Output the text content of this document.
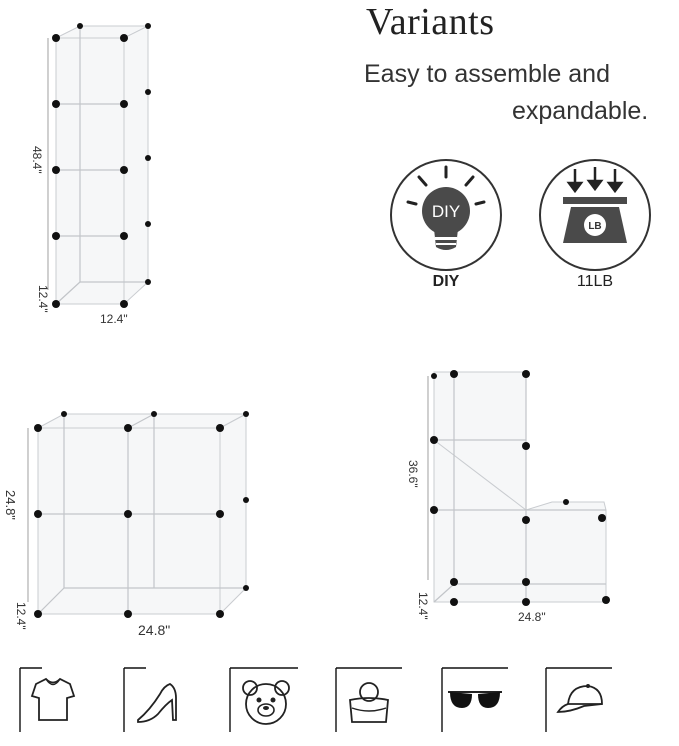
Variants
Easy to assemble and
expandable.
DIY
DIY
LB
11LB
48.4"
12.4"
12.4"
24.8"
12.4"
24.8"
36.6"
12.4"	24.8"
